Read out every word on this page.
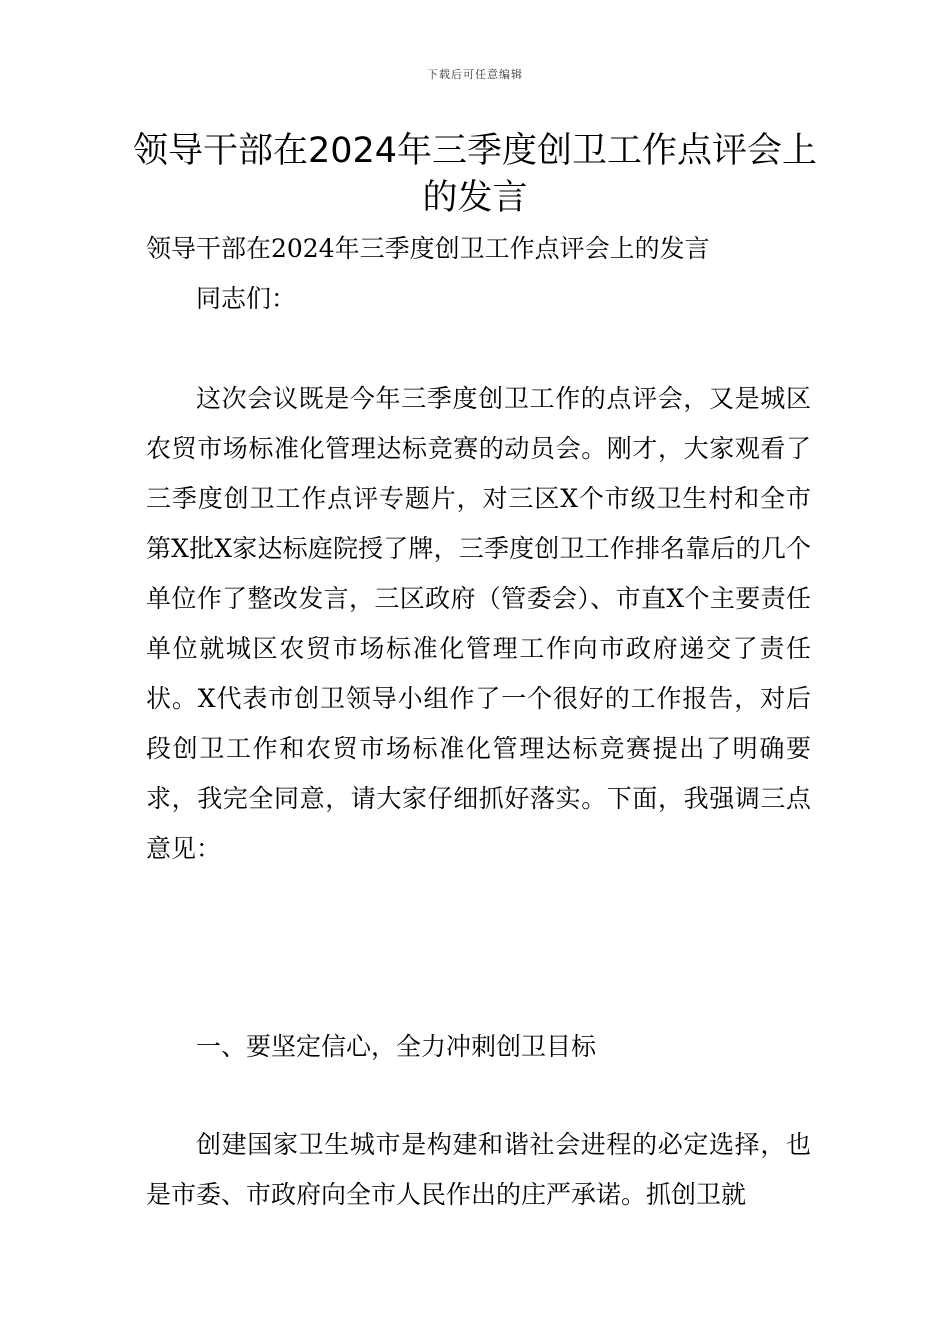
下载后可任意编辑
领导干部在2024年三季度创卫工作点评会上的发言
领导干部在2024年三季度创卫工作点评会上的发言
同志们：

这次会议既是今年三季度创卫工作的点评会，又是城区农贸市场标准化管理达标竞赛的动员会。刚才，大家观看了三季度创卫工作点评专题片，对三区X个市级卫生村和全市第X批X家达标庭院授了牌，三季度创卫工作排名靠后的几个单位作了整改发言，三区政府（管委会）、市直X个主要责任单位就城区农贸市场标准化管理工作向市政府递交了责任状。X代表市创卫领导小组作了一个很好的工作报告，对后段创卫工作和农贸市场标准化管理达标竞赛提出了明确要求，我完全同意，请大家仔细抓好落实。下面，我强调三点意见：

一、要坚定信心，全力冲刺创卫目标

创建国家卫生城市是构建和谐社会进程的必定选择，也是市委、市政府向全市人民作出的庄严承诺。抓创卫就
